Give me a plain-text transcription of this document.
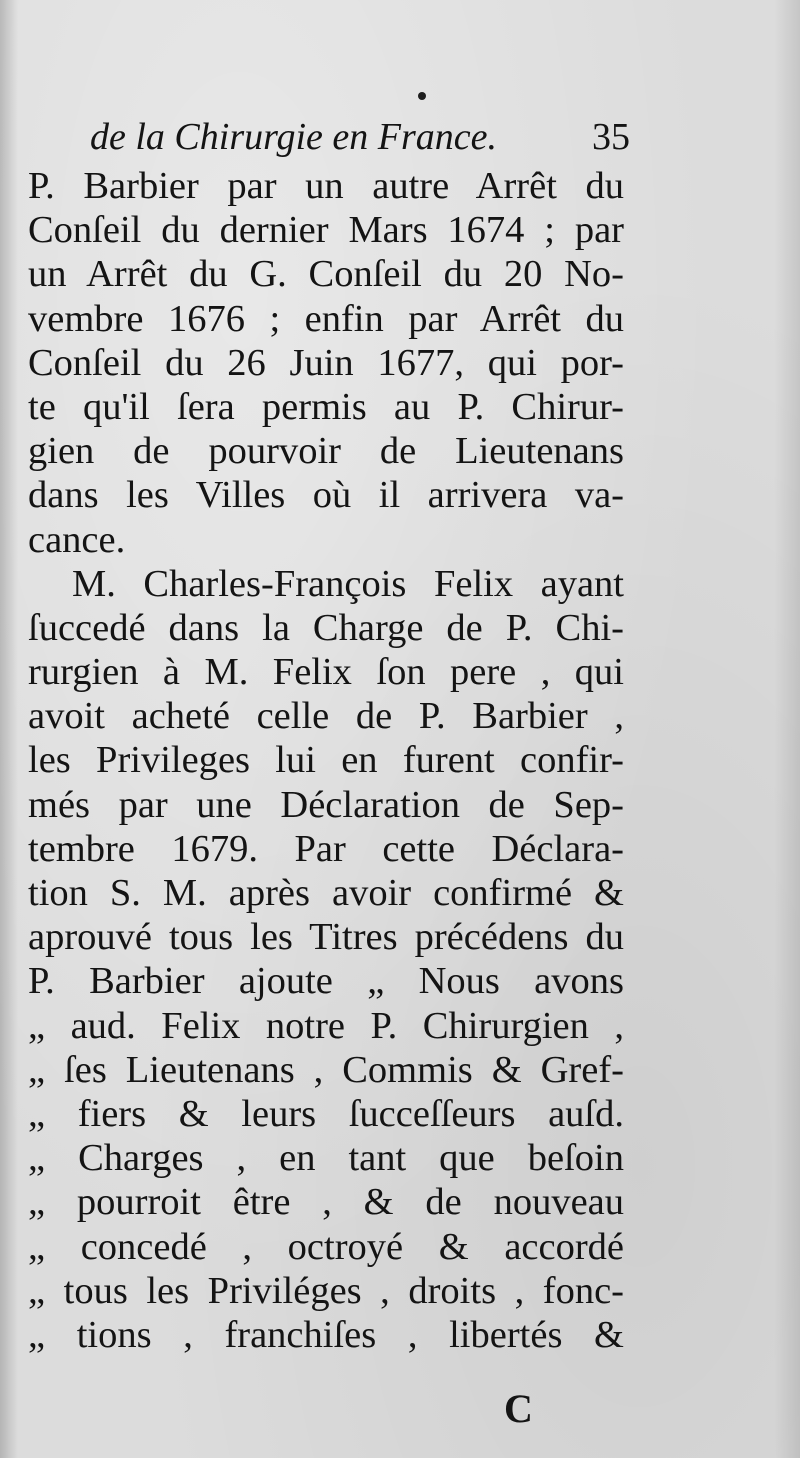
de la Chirurgie en France. 35
P. Barbier par un autre Arrêt du
Conſeil du dernier Mars 1674 ; par
un Arrêt du G. Conſeil du 20 No-
vembre 1676 ; enfin par Arrêt du
Conſeil du 26 Juin 1677, qui por-
te qu'il ſera permis au P. Chirur-
gien de pourvoir de Lieutenans
dans les Villes où il arrivera va-
cance.
M. Charles-François Felix ayant
ſuccedé dans la Charge de P. Chi-
rurgien à M. Felix ſon pere , qui
avoit acheté celle de P. Barbier ,
les Privileges lui en furent confir-
més par une Déclaration de Sep-
tembre 1679. Par cette Déclara-
tion S. M. après avoir confirmé &
aprouvé tous les Titres précédens du
P. Barbier ajoute „ Nous avons
„ aud. Felix notre P. Chirurgien ,
„ ſes Lieutenans , Commis & Gref-
„ fiers & leurs ſucceſſeurs auſd.
„ Charges , en tant que beſoin
„ pourroit être , & de nouveau
„ concedé , octroyé & accordé
„ tous les Priviléges , droits , fonc-
„ tions , franchiſes , libertés &
C
